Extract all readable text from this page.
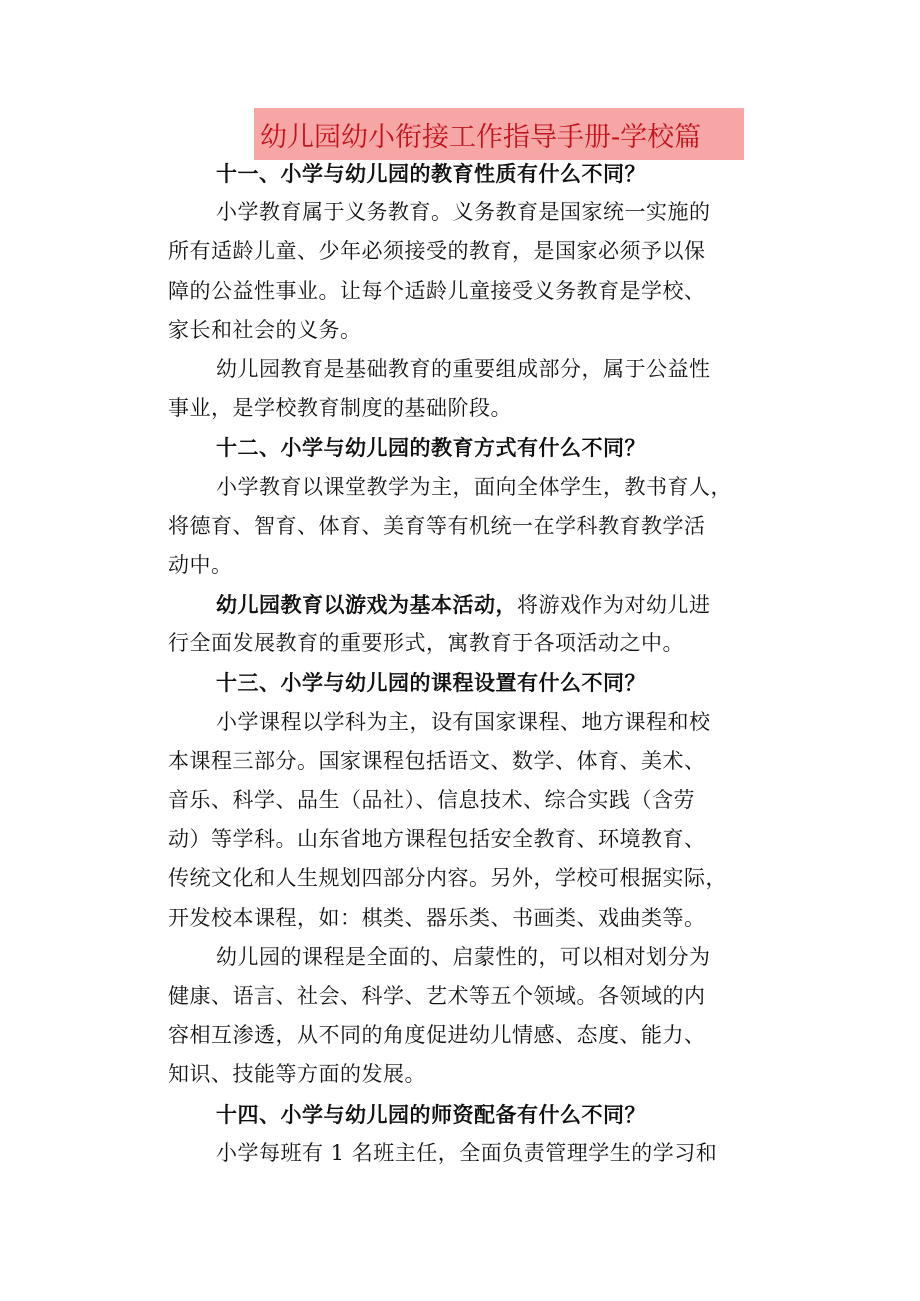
幼儿园幼小衔接工作指导手册-学校篇
十一、小学与幼儿园的教育性质有什么不同？
小学教育属于义务教育。义务教育是国家统一实施的
所有适龄儿童、少年必须接受的教育，是国家必须予以保
障的公益性事业。让每个适龄儿童接受义务教育是学校、
家长和社会的义务。
幼儿园教育是基础教育的重要组成部分，属于公益性
事业，是学校教育制度的基础阶段。
十二、小学与幼儿园的教育方式有什么不同？
小学教育以课堂教学为主，面向全体学生，教书育人，
将德育、智育、体育、美育等有机统一在学科教育教学活
动中。
幼儿园教育以游戏为基本活动，将游戏作为对幼儿进
行全面发展教育的重要形式，寓教育于各项活动之中。
十三、小学与幼儿园的课程设置有什么不同？
小学课程以学科为主，设有国家课程、地方课程和校
本课程三部分。国家课程包括语文、数学、体育、美术、
音乐、科学、品生（品社）、信息技术、综合实践（含劳
动）等学科。山东省地方课程包括安全教育、环境教育、
传统文化和人生规划四部分内容。另外，学校可根据实际，
开发校本课程，如：棋类、器乐类、书画类、戏曲类等。
幼儿园的课程是全面的、启蒙性的，可以相对划分为
健康、语言、社会、科学、艺术等五个领域。各领域的内
容相互渗透，从不同的角度促进幼儿情感、态度、能力、
知识、技能等方面的发展。
十四、小学与幼儿园的师资配备有什么不同？
小学每班有 1 名班主任，全面负责管理学生的学习和
